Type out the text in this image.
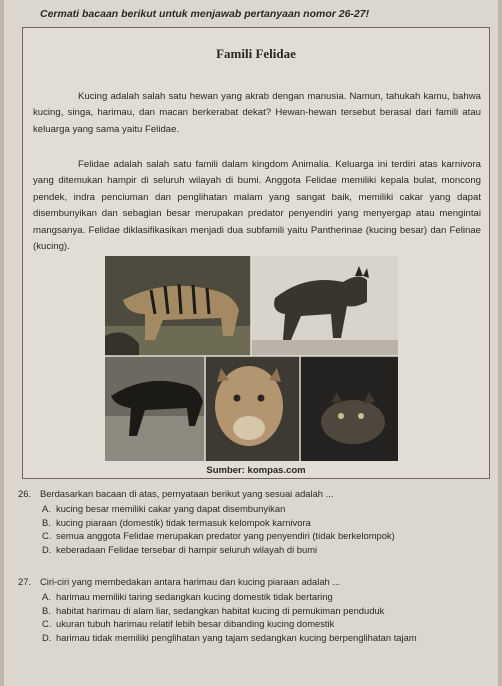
Cermati bacaan berikut untuk menjawab pertanyaan nomor 26-27!
Famili Felidae

Kucing adalah salah satu hewan yang akrab dengan manusia. Namun, tahukah kamu, bahwa kucing, singa, harimau, dan macan berkerabat dekat? Hewan-hewan tersebut berasal dari famili atau keluarga yang sama yaitu Felidae.

Felidae adalah salah satu famili dalam kingdom Animalia. Keluarga ini terdiri atas karnivora yang ditemukan hampir di seluruh wilayah di bumi. Anggota Felidae memiliki kepala bulat, moncong pendek, indra penciuman dan penglihatan malam yang sangat baik, memiliki cakar yang dapat disembunyikan dan sebagian besar merupakan predator penyendiri yang menyergap atau mengintai mangsanya. Felidae diklasifikasikan menjadi dua subfamili yaitu Pantherinae (kucing besar) dan Felinae (kucing).

Sumber: kompas.com
26. Berdasarkan bacaan di atas, pernyataan berikut yang sesuai adalah ...
A. kucing besar memiliki cakar yang dapat disembunyikan
B. kucing piaraan (domestik) tidak termasuk kelompok karnivora
C. semua anggota Felidae merupakan predator yang penyendiri (tidak berkelompok)
D. keberadaan Felidae tersebar di hampir seluruh wilayah di bumi
27. Ciri-ciri yang membedakan antara harimau dan kucing piaraan adalah ...
A. harimau memiliki taring sedangkan kucing domestik tidak bertaring
B. habitat harimau di alam liar, sedangkan habitat kucing di pemukiman penduduk
C. ukuran tubuh harimau relatif lebih besar dibanding kucing domestik
D. harimau tidak memiliki penglihatan yang tajam sedangkan kucing berpenglihatan tajam
